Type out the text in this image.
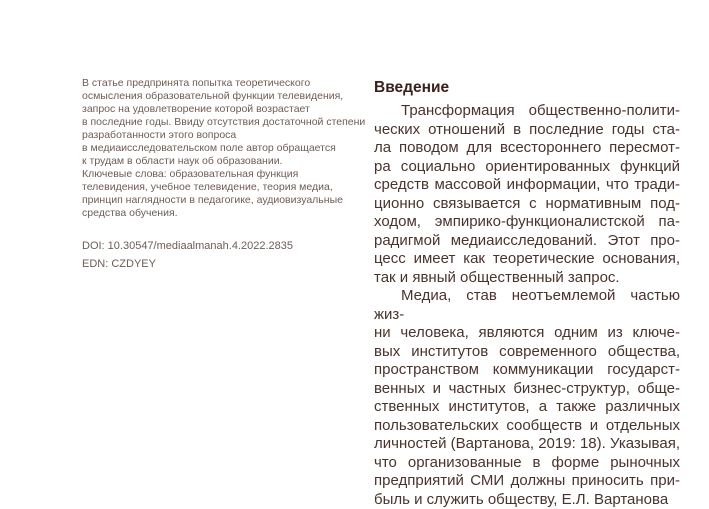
В статье предпринята попытка теоретического
осмысления образовательной функции телевидения,
запрос на удовлетворение которой возрастает
в последние годы. Ввиду отсутствия достаточной степени
разработанности этого вопроса
в медиаисследовательском поле автор обращается
к трудам в области наук об образовании.
Ключевые слова: образовательная функция
телевидения, учебное телевидение, теория медиа,
принцип наглядности в педагогике, аудиовизуальные
средства обучения.
DOI: 10.30547/mediaalmanah.4.2022.2835
EDN: CZDYEY
Введение
Трансформация общественно-полити-
ческих отношений в последние годы ста-
ла поводом для всестороннего пересмот-
ра социально ориентированных функций
средств массовой информации, что тради-
ционно связывается с нормативным под-
ходом, эмпирико-функционалистской па-
радигмой медиаисследований. Этот про-
цесс имеет как теоретические основания,
так и явный общественный запрос.
Медиа, став неотъемлемой частью жиз-
ни человека, являются одним из ключе-
вых институтов современного общества,
пространством коммуникации государст-
венных и частных бизнес-структур, обще-
ственных институтов, а также различных
пользовательских сообществ и отдельных
личностей (Вартанова, 2019: 18). Указывая,
что организованные в форме рыночных
предприятий СМИ должны приносить при-
быль и служить обществу, Е.Л. Вартанова
